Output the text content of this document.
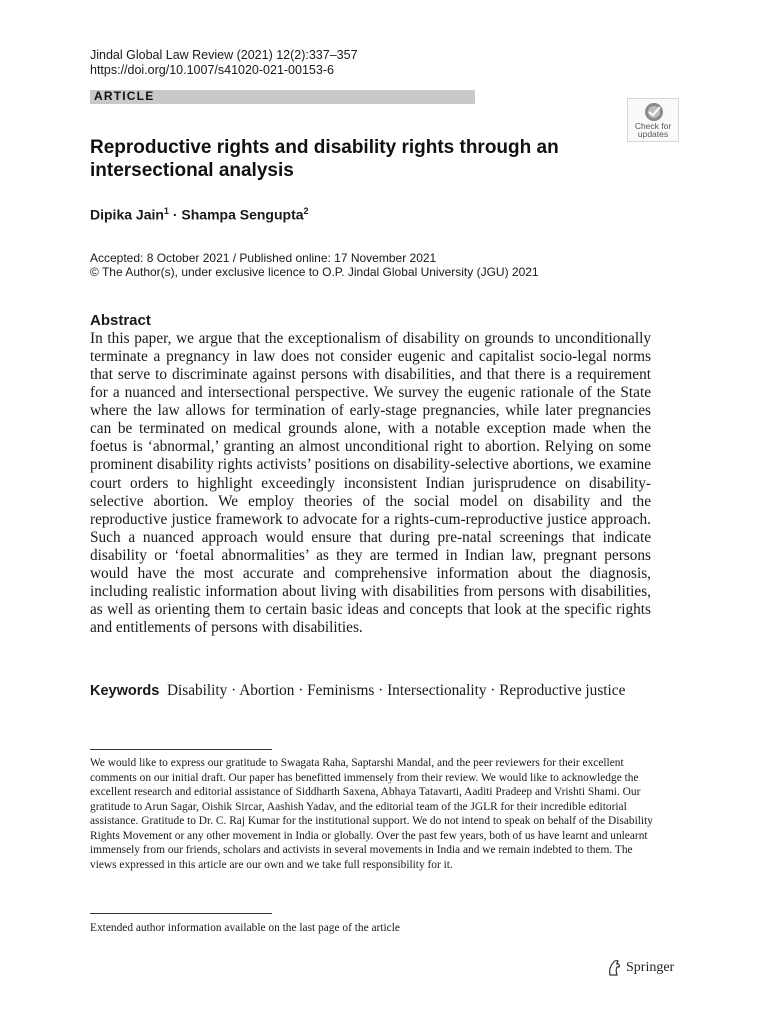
Jindal Global Law Review (2021) 12(2):337–357
https://doi.org/10.1007/s41020-021-00153-6
ARTICLE
Check for
updates
Reproductive rights and disability rights through an intersectional analysis
Dipika Jain$^1$ · Shampa Sengupta$^2$
Accepted: 8 October 2021 / Published online: 17 November 2021
© The Author(s), under exclusive licence to O.P. Jindal Global University (JGU) 2021
Abstract

In this paper, we argue that the exceptionalism of disability on grounds to unconditionally terminate a pregnancy in law does not consider eugenic and capitalist socio-legal norms that serve to discriminate against persons with disabilities, and that there is a requirement for a nuanced and intersectional perspective. We survey the eugenic rationale of the State where the law allows for termination of early-stage pregnancies, while later pregnancies can be terminated on medical grounds alone, with a notable exception made when the foetus is ‘abnormal,’ granting an almost unconditional right to abortion. Relying on some prominent disability rights activists’ positions on disability-selective abortions, we examine court orders to highlight exceedingly inconsistent Indian jurisprudence on disability-selective abortion. We employ theories of the social model on disability and the reproductive justice framework to advocate for a rights-cum-reproductive justice approach. Such a nuanced approach would ensure that during pre-natal screenings that indicate disability or ‘foetal abnormalities’ as they are termed in Indian law, pregnant persons would have the most accurate and comprehensive information about the diagnosis, including realistic information about living with disabilities from persons with disabilities, as well as orienting them to certain basic ideas and concepts that look at the specific rights and entitlements of persons with disabilities.

Keywords Disability · Abortion · Feminisms · Intersectionality · Reproductive justice

We would like to express our gratitude to Swagata Raha, Saptarshi Mandal, and the peer reviewers for their excellent comments on our initial draft. Our paper has benefitted immensely from their review. We would like to acknowledge the excellent research and editorial assistance of Siddharth Saxena, Abhaya Tatavarti, Aaditi Pradeep and Vrishti Shami. Our gratitude to Arun Sagar, Oishik Sircar, Aashish Yadav, and the editorial team of the JGLR for their incredible editorial assistance. Gratitude to Dr. C. Raj Kumar for the institutional support. We do not intend to speak on behalf of the Disability Rights Movement or any other movement in India or globally. Over the past few years, both of us have learnt and unlearnt immensely from our friends, scholars and activists in several movements in India and we remain indebted to them. The views expressed in this article are our own and we take full responsibility for it.

Extended author information available on the last page of the article
Springer
